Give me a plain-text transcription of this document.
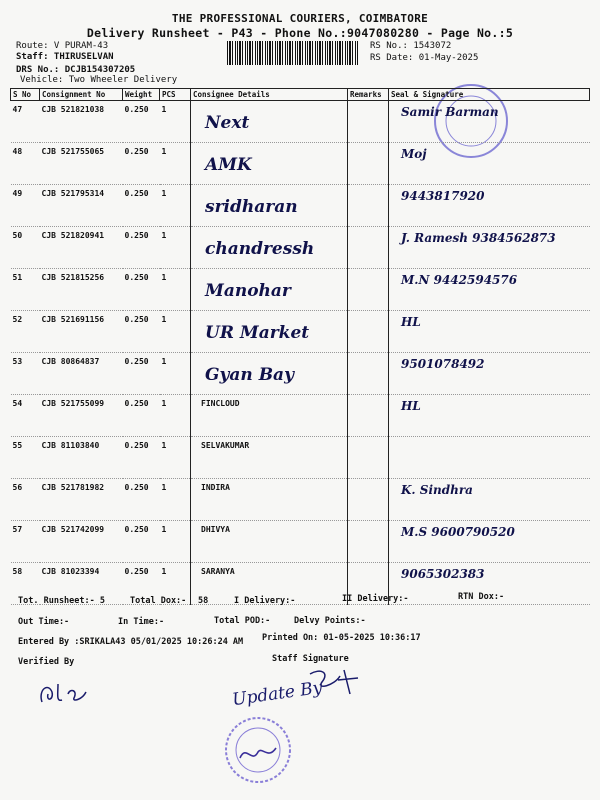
THE PROFESSIONAL COURIERS, COIMBATORE
Delivery Runsheet - P43 - Phone No.:9047080280 - Page No.:5
Route: V PURAM-43
Staff: THIRUSELVAN
DRS No.: DCJB154307205
Vehicle: Two Wheeler Delivery
RS No.: 1543072
RS Date: 01-May-2025
S No	Consignment No	Weight	PCS	Consignee Details	Remarks	Seal & Signature
47	CJB 521821038	0.250	1	Next		Samir Barman

48	CJB 521755065	0.250	1	AMK		Moj

49	CJB 521795314	0.250	1	sridharan		9443817920

50	CJB 521820941	0.250	1	chandressh		J. Ramesh 9384562873

51	CJB 521815256	0.250	1	Manohar		M.N 9442594576

52	CJB 521691156	0.250	1	UR Market		HL

53	CJB 80864837	0.250	1	Gyan Bay		9501078492

54	CJB 521755099	0.250	1	FINCLOUD		HL

55	CJB 81103840	0.250	1	SELVAKUMAR

56	CJB 521781982	0.250	1	INDIRA		K. Sindhra

57	CJB 521742099	0.250	1	DHIVYA		M.S 9600790520

58	CJB 81023394	0.250	1	SARANYA		9065302383
Tot. Runsheet:- 5	Total Dox:- 58	I Delivery:-	II Delivery:-	RTN Dox:-
Out Time:-	In Time:-	Total POD:-	Delvy Points:-
Entered By :SRIKALA43 05/01/2025 10:26:24 AM Printed On: 01-05-2025 10:36:17
Verified By	Staff Signature
Update By
